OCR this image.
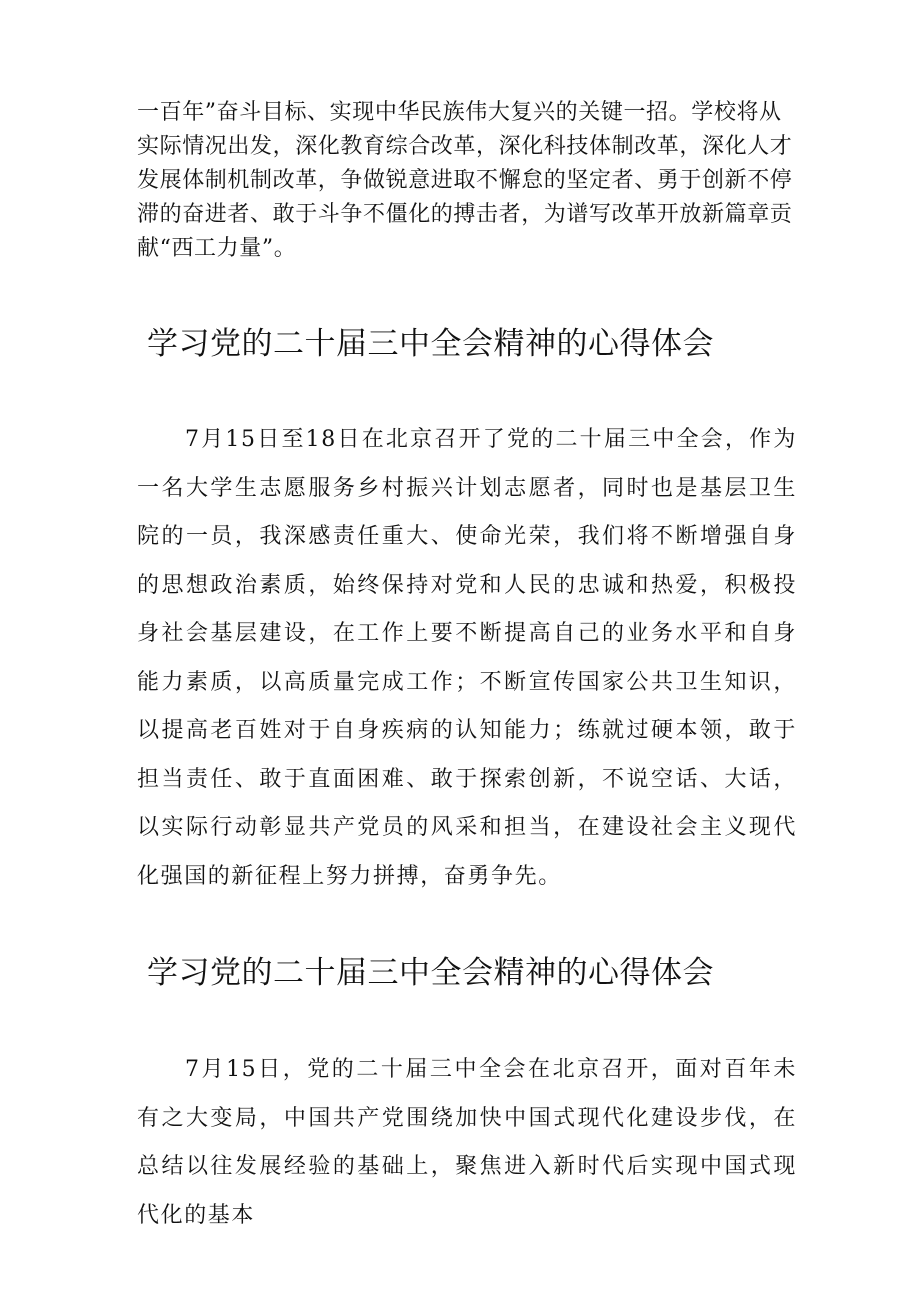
一百年”奋斗目标、实现中华民族伟大复兴的关键一招。学校将从实际情况出发，深化教育综合改革，深化科技体制改革，深化人才发展体制机制改革，争做锐意进取不懈怠的坚定者、勇于创新不停滞的奋进者、敢于斗争不僵化的搏击者，为谱写改革开放新篇章贡献“西工力量”。

学习党的二十届三中全会精神的心得体会

7月15日至18日在北京召开了党的二十届三中全会，作为一名大学生志愿服务乡村振兴计划志愿者，同时也是基层卫生院的一员，我深感责任重大、使命光荣，我们将不断增强自身的思想政治素质，始终保持对党和人民的忠诚和热爱，积极投身社会基层建设，在工作上要不断提高自己的业务水平和自身能力素质，以高质量完成工作；不断宣传国家公共卫生知识，以提高老百姓对于自身疾病的认知能力；练就过硬本领，敢于担当责任、敢于直面困难、敢于探索创新，不说空话、大话，以实际行动彰显共产党员的风采和担当，在建设社会主义现代化强国的新征程上努力拼搏，奋勇争先。

学习党的二十届三中全会精神的心得体会

7月15日，党的二十届三中全会在北京召开，面对百年未有之大变局，中国共产党围绕加快中国式现代化建设步伐，在总结以往发展经验的基础上，聚焦进入新时代后实现中国式现代化的基本
